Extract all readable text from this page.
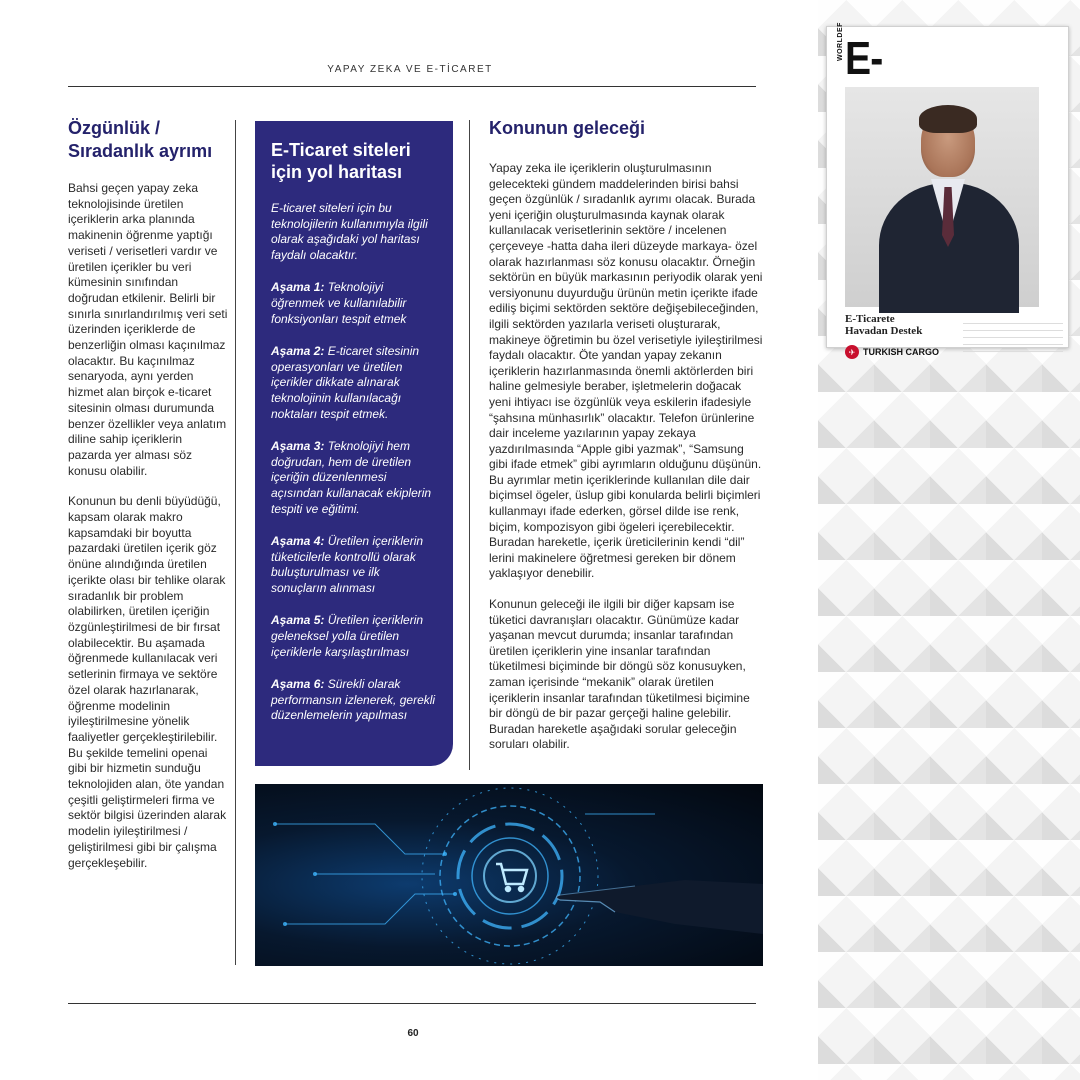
WORLDEF E-
E-Ticarete
Havadan Destek
✈ TURKISH CARGO

YAPAY ZEKA VE E-TİCARET
Özgünlük /
Sıradanlık ayrımı

Bahsi geçen yapay zeka teknolojisinde üretilen içeriklerin arka planında makinenin öğrenme yaptığı veriseti / verisetleri vardır ve üretilen içerikler bu veri kümesinin sınıfından doğrudan etkilenir. Belirli bir sınırla sınırlandırılmış veri seti üzerinden içeriklerde de benzerliğin olması kaçınılmaz olacaktır. Bu kaçınılmaz senaryoda, aynı yerden hizmet alan birçok e-ticaret sitesinin olması durumunda benzer özellikler veya anlatım diline sahip içeriklerin pazarda yer alması söz konusu olabilir.

Konunun bu denli büyüdüğü, kapsam olarak makro kapsamdaki bir boyutta pazardaki üretilen içerik göz önüne alındığında üretilen içerikte olası bir tehlike olarak sıradanlık bir problem olabilirken, üretilen içeriğin özgünleştirilmesi de bir fırsat olabilecektir. Bu aşamada öğrenmede kullanılacak veri setlerinin firmaya ve sektöre özel olarak hazırlanarak, öğrenme modelinin iyileştirilmesine yönelik faaliyetler gerçekleştirilebilir. Bu şekilde temelini openai gibi bir hizmetin sunduğu teknolojiden alan, öte yandan çeşitli geliştirmeleri firma ve sektör bilgisi üzerinden alarak modelin iyileştirilmesi / geliştirilmesi gibi bir çalışma gerçekleşebilir.

E-Ticaret siteleri
için yol haritası

E-ticaret siteleri için bu teknolojilerin kullanımıyla ilgili olarak aşağıdaki yol haritası faydalı olacaktır.

Aşama 1: Teknolojiyi öğrenmek ve kullanılabilir fonksiyonları tespit etmek

Aşama 2: E-ticaret sitesinin operasyonları ve üretilen içerikler dikkate alınarak teknolojinin kullanılacağı noktaları tespit etmek.

Aşama 3: Teknolojiyi hem doğrudan, hem de üretilen içeriğin düzenlenmesi açısından kullanacak ekiplerin tespiti ve eğitimi.

Aşama 4: Üretilen içeriklerin tüketicilerle kontrollü olarak buluşturulması ve ilk sonuçların alınması

Aşama 5: Üretilen içeriklerin geleneksel yolla üretilen içeriklerle karşılaştırılması

Aşama 6: Sürekli olarak performansın izlenerek, gerekli düzenlemelerin yapılması

Konunun geleceği

Yapay zeka ile içeriklerin oluşturulmasının gelecekteki gündem maddelerinden birisi bahsi geçen özgünlük / sıradanlık ayrımı olacak. Burada yeni içeriğin oluşturulmasında kaynak olarak kullanılacak verisetlerinin sektöre / incelenen çerçeveye -hatta daha ileri düzeyde markaya- özel olarak hazırlanması söz konusu olacaktır. Örneğin sektörün en büyük markasının periyodik olarak yeni versiyonunu duyurduğu ürünün metin içerikte ifade ediliş biçimi sektörden sektöre değişebileceğinden, ilgili sektörden yazılarla veriseti oluşturarak, makineye öğretimin bu özel verisetiyle iyileştirilmesi faydalı olacaktır. Öte yandan yapay zekanın içeriklerin hazırlanmasında önemli aktörlerden biri haline gelmesiyle beraber, işletmelerin doğacak yeni ihtiyacı ise özgünlük veya eskilerin ifadesiyle “şahsına münhasırlık” olacaktır. Telefon ürünlerine dair inceleme yazılarının yapay zekaya yazdırılmasında “Apple gibi yazmak”, “Samsung gibi ifade etmek” gibi ayrımların olduğunu düşünün. Bu ayrımlar metin içeriklerinde kullanılan dile dair biçimsel ögeler, üslup gibi konularda belirli biçimleri kullanmayı ifade ederken, görsel dilde ise renk, biçim, kompozisyon gibi ögeleri içerebilecektir. Buradan hareketle, içerik üreticilerinin kendi “dil” lerini makinelere öğretmesi gereken bir dönem yaklaşıyor denebilir.

Konunun geleceği ile ilgili bir diğer kapsam ise tüketici davranışları olacaktır. Günümüze kadar yaşanan mevcut durumda; insanlar tarafından üretilen içeriklerin yine insanlar tarafından tüketilmesi biçiminde bir döngü söz konusuyken, zaman içerisinde “mekanik” olarak üretilen içeriklerin insanlar tarafından tüketilmesi biçimine bir döngü de bir pazar gerçeği haline gelebilir. Buradan hareketle aşağıdaki sorular geleceğin soruları olabilir.

60
